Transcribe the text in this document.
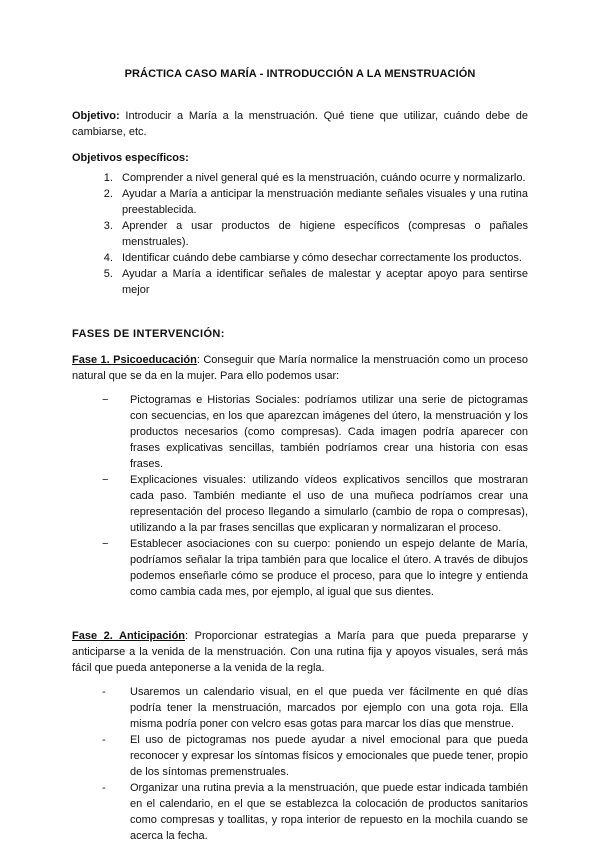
PRÁCTICA CASO MARÍA - INTRODUCCIÓN A LA MENSTRUACIÓN

Objetivo: Introducir a María a la menstruación. Qué tiene que utilizar, cuándo debe de cambiarse, etc.

Objetivos específicos:
1. Comprender a nivel general qué es la menstruación, cuándo ocurre y normalizarlo.
2. Ayudar a María a anticipar la menstruación mediante señales visuales y una rutina preestablecida.
3. Aprender a usar productos de higiene específicos (compresas o pañales menstruales).
4. Identificar cuándo debe cambiarse y cómo desechar correctamente los productos.
5. Ayudar a María a identificar señales de malestar y aceptar apoyo para sentirse mejor
FASES DE INTERVENCIÓN:

Fase 1. Psicoeducación: Conseguir que María normalice la menstruación como un proceso natural que se da en la mujer. Para ello podemos usar:

− Pictogramas e Historias Sociales: podríamos utilizar una serie de pictogramas con secuencias, en los que aparezcan imágenes del útero, la menstruación y los productos necesarios (como compresas). Cada imagen podría aparecer con frases explicativas sencillas, también podríamos crear una historia con esas frases.
− Explicaciones visuales: utilizando vídeos explicativos sencillos que mostraran cada paso. También mediante el uso de una muñeca podríamos crear una representación del proceso llegando a simularlo (cambio de ropa o compresas), utilizando a la par frases sencillas que explicaran y normalizaran el proceso.
− Establecer asociaciones con su cuerpo: poniendo un espejo delante de María, podríamos señalar la tripa también para que localice el útero. A través de dibujos podemos enseñarle cómo se produce el proceso, para que lo integre y entienda como cambia cada mes, por ejemplo, al igual que sus dientes.

Fase 2. Anticipación: Proporcionar estrategias a María para que pueda prepararse y anticiparse a la venida de la menstruación. Con una rutina fija y apoyos visuales, será más fácil que pueda anteponerse a la venida de la regla.

- Usaremos un calendario visual, en el que pueda ver fácilmente en qué días podría tener la menstruación, marcados por ejemplo con una gota roja. Ella misma podría poner con velcro esas gotas para marcar los días que menstrue.
- El uso de pictogramas nos puede ayudar a nivel emocional para que pueda reconocer y expresar los síntomas físicos y emocionales que puede tener, propio de los síntomas premenstruales.
- Organizar una rutina previa a la menstruación, que puede estar indicada también en el calendario, en el que se establezca la colocación de productos sanitarios como compresas y toallitas, y ropa interior de repuesto en la mochila cuando se acerca la fecha.
